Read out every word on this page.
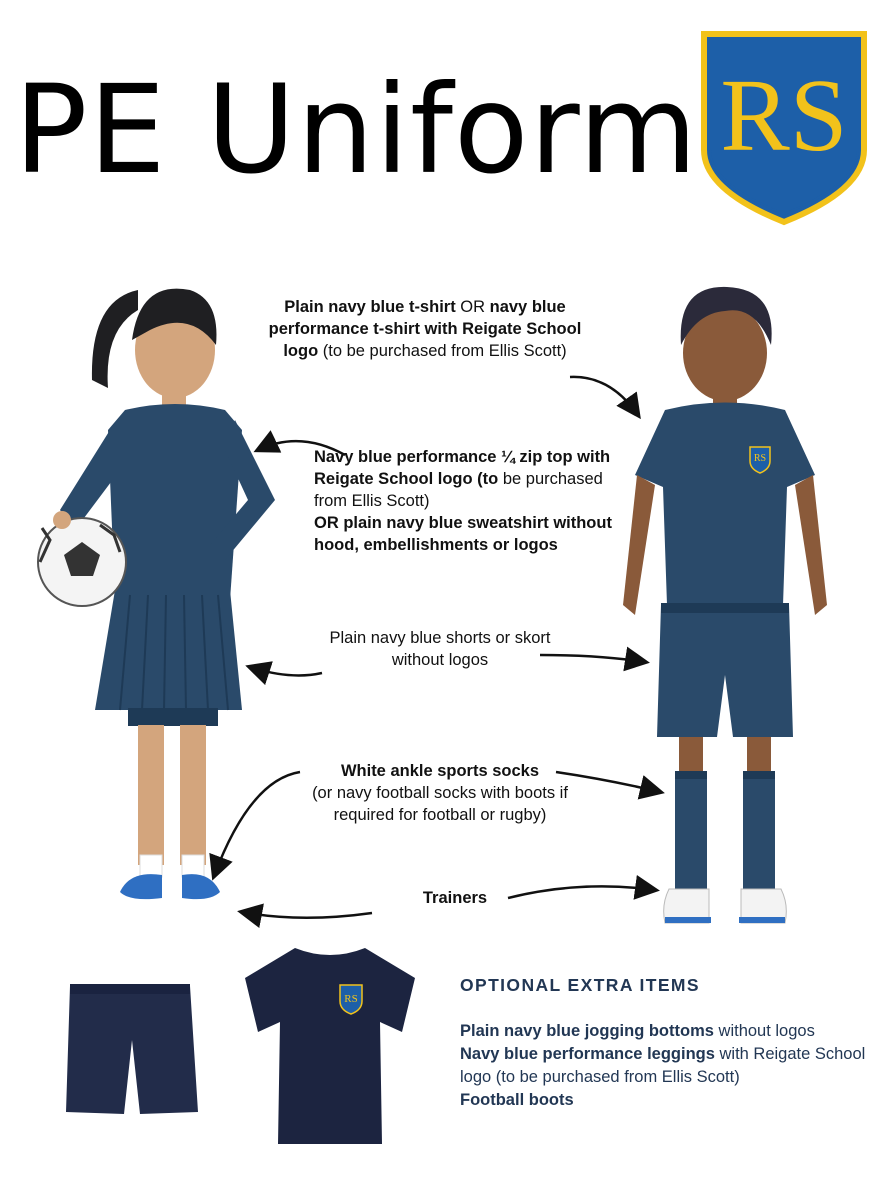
PE Uniform RS
RS
Plain navy blue t-shirt OR navy blue performance t-shirt with Reigate School logo (to be purchased from Ellis Scott)
Navy blue performance ¼ zip top with Reigate School logo (to be purchased from Ellis Scott)
OR plain navy blue sweatshirt without hood, embellishments or logos
Plain navy blue shorts or skort without logos
White ankle sports socks
(or navy football socks with boots if required for football or rugby)
Trainers
RS
OPTIONAL EXTRA ITEMS
Plain navy blue jogging bottoms without logos
Navy blue performance leggings with Reigate School logo (to be purchased from Ellis Scott)
Football boots
